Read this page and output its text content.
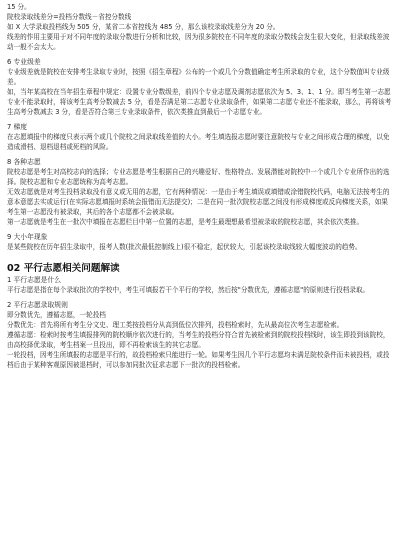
15 分。

院校录取线差分=投档分数线－省控分数线

如 X 大学录取投档线为 505 分，某省二本省控线为 485 分，那么该校录取线差分为 20 分。

线差的作用主要用于对不同年度的录取分数进行分析和比较，因为很多院校在不同年度的录取分数线会发生很大变化，但录取线差波动一般不会太大。

6 专业级差

专业级差就是院校在安排考生录取专业时，按照《招生章程》公布的一个或几个分数值确定考生所录取的专业，这个分数值叫专业级差。

如，当年某高校在当年招生章程中规定：设置专业分数级差，前四个专业志愿及调剂志愿依次为 5、3、1、1 分。即当考生第一志愿专业不能录取时，将该考生高考分数减去 5 分，看是否满足第二志愿专业录取条件，如果第二志愿专业还不能录取，那么，再将该考生高考分数减去 3 分，看是否符合第三专业录取条件，依次类推直到最后一个志愿专业。

7 梯度

在志愿填报中的梯度只表示两个或几个院校之间录取线差值的大小。考生填选报志愿时要注意院校与专业之间形成合理的梯度，以免造成滑档、退档退档或死档的风险。

8 各种志愿

院校志愿是考生对高校志向的选择；专业志愿是考生根据自己的兴趣爱好、性格特点、发展潜能对院校中一个或几个专业所作出的选择。院校志愿和专业志愿统称为高考志愿。

无效志愿就是对考生投档录取没有意义或无用的志愿，它有两种情况：一是由于考生填误或填错或涂错院校代码，电脑无法按考生的意本意愿去实或运行(在实际志愿填报时系统会报错而无法提交)；二是在同一批次院校志愿之间没有形成梯度或反向梯度关系，如果考生第一志愿没有被录取，其后的各个志愿都不会被录取。

第一志愿就是考生在一批次中填报在志愿栏目中第一位置的志愿，是考生最理想最希望被录取的院校志愿，其余依次类推。

9 大小年现象

是某些院校在历年招生录取中，报考人数(批次最低控制线上)很不稳定，起伏较大，引起该校录取线较大幅度波动的趋势。

02 平行志愿相关问题解读

1 平行志愿是什么

平行志愿是指在每个录取批次的学校中，考生可填报若干个平行的学校，然后按"分数优先，遵循志愿"的原则进行投档录取。

2 平行志愿录取规则

即分数优先，遵循志愿，一轮投档

分数优先：首先将所有考生分文史、理工类按投档分从高到低位次排列，投档检索时，先从最高位次考生志愿检索。

遵循志愿：检索时按考生填报排列的院校顺序依次进行的，当考生的投档分符合首先被检索到的院校投档线时，该生即投到该院校，由高校择优录取，考生档案一旦投出，即不再检索该生的其它志愿。

一轮投档，因考生所填报的志愿是平行的，故投档检索只能进行一轮。如果考生因几个平行志愿均未满足院校条件而未被投档，或投档后由于某种客观原因被退档时，可以参加同批次征求志愿下一批次的投档检索。
